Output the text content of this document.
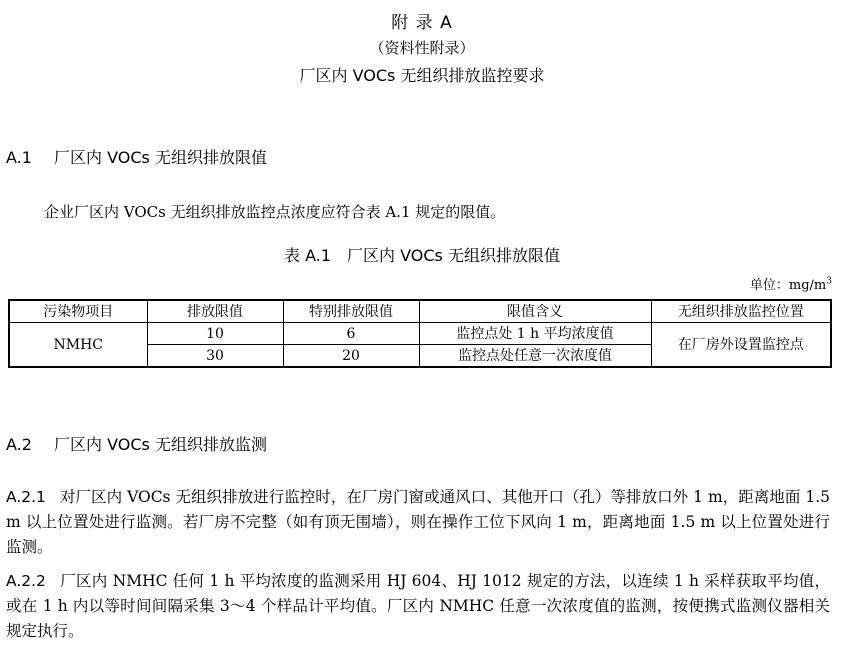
附 录 A
（资料性附录）
厂区内 VOCs 无组织排放监控要求
A.1 厂区内 VOCs 无组织排放限值
企业厂区内 VOCs 无组织排放监控点浓度应符合表 A.1 规定的限值。
表 A.1　厂区内 VOCs 无组织排放限值
单位：$mg/m^3$
污染物项目	排放限值	特别排放限值	限值含义	无组织排放监控位置
NMHC	10	6	监控点处 1 h 平均浓度值	在厂房外设置监控点
	30	20	监控点处任意一次浓度值	
A.2 厂区内 VOCs 无组织排放监测
A.2.1 对厂区内 VOCs 无组织排放进行监控时，在厂房门窗或通风口、其他开口（孔）等排放口外 1 m，距离地面 1.5 m 以上位置处进行监测。若厂房不完整（如有顶无围墙），则在操作工位下风向 1 m，距离地面 1.5 m 以上位置处进行监测。
A.2.2 厂区内 NMHC 任何 1 h 平均浓度的监测采用 HJ 604、HJ 1012 规定的方法，以连续 1 h 采样获取平均值，或在 1 h 内以等时间间隔采集 3～4 个样品计平均值。厂区内 NMHC 任意一次浓度值的监测，按便携式监测仪器相关规定执行。
